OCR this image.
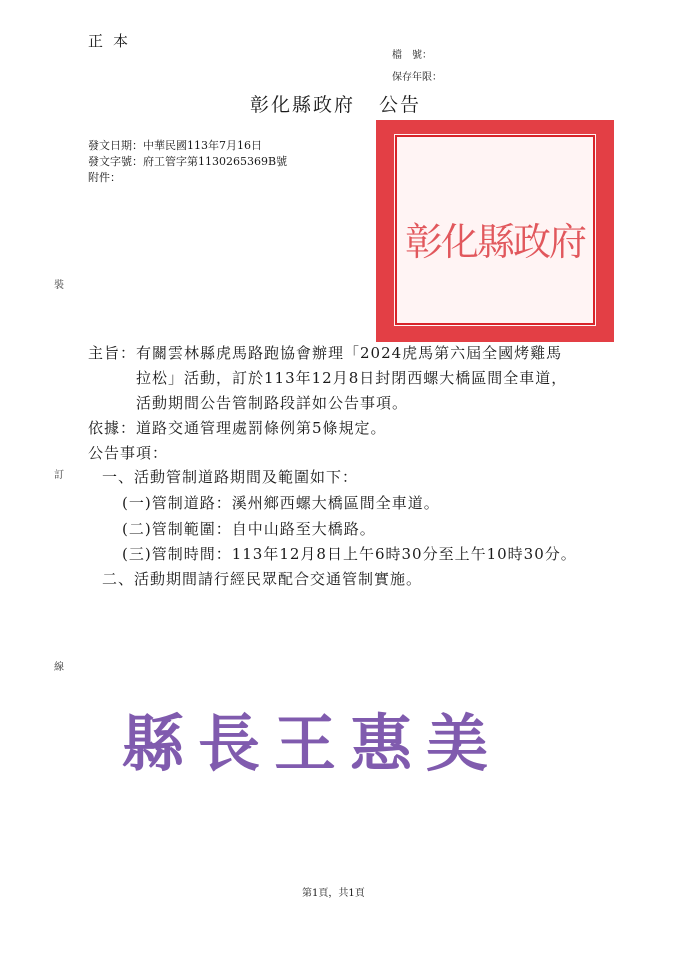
正本
檔　號：
保存年限：
彰化縣政府 公告
發文日期：中華民國113年7月16日
發文字號：府工管字第1130265369B號
附件：
裝
訂
線
彰化縣政府
主旨：有關雲林縣虎馬路跑協會辦理「2024虎馬第六屆全國烤雞馬
拉松」活動，訂於113年12月8日封閉西螺大橋區間全車道，
活動期間公告管制路段詳如公告事項。
依據：道路交通管理處罰條例第5條規定。
公告事項：
一、活動管制道路期間及範圍如下：
(一)管制道路：溪州鄉西螺大橋區間全車道。
(二)管制範圍：自中山路至大橋路。
(三)管制時間：113年12月8日上午6時30分至上午10時30分。
二、活動期間請行經民眾配合交通管制實施。
縣長王惠美
第1頁，共1頁
